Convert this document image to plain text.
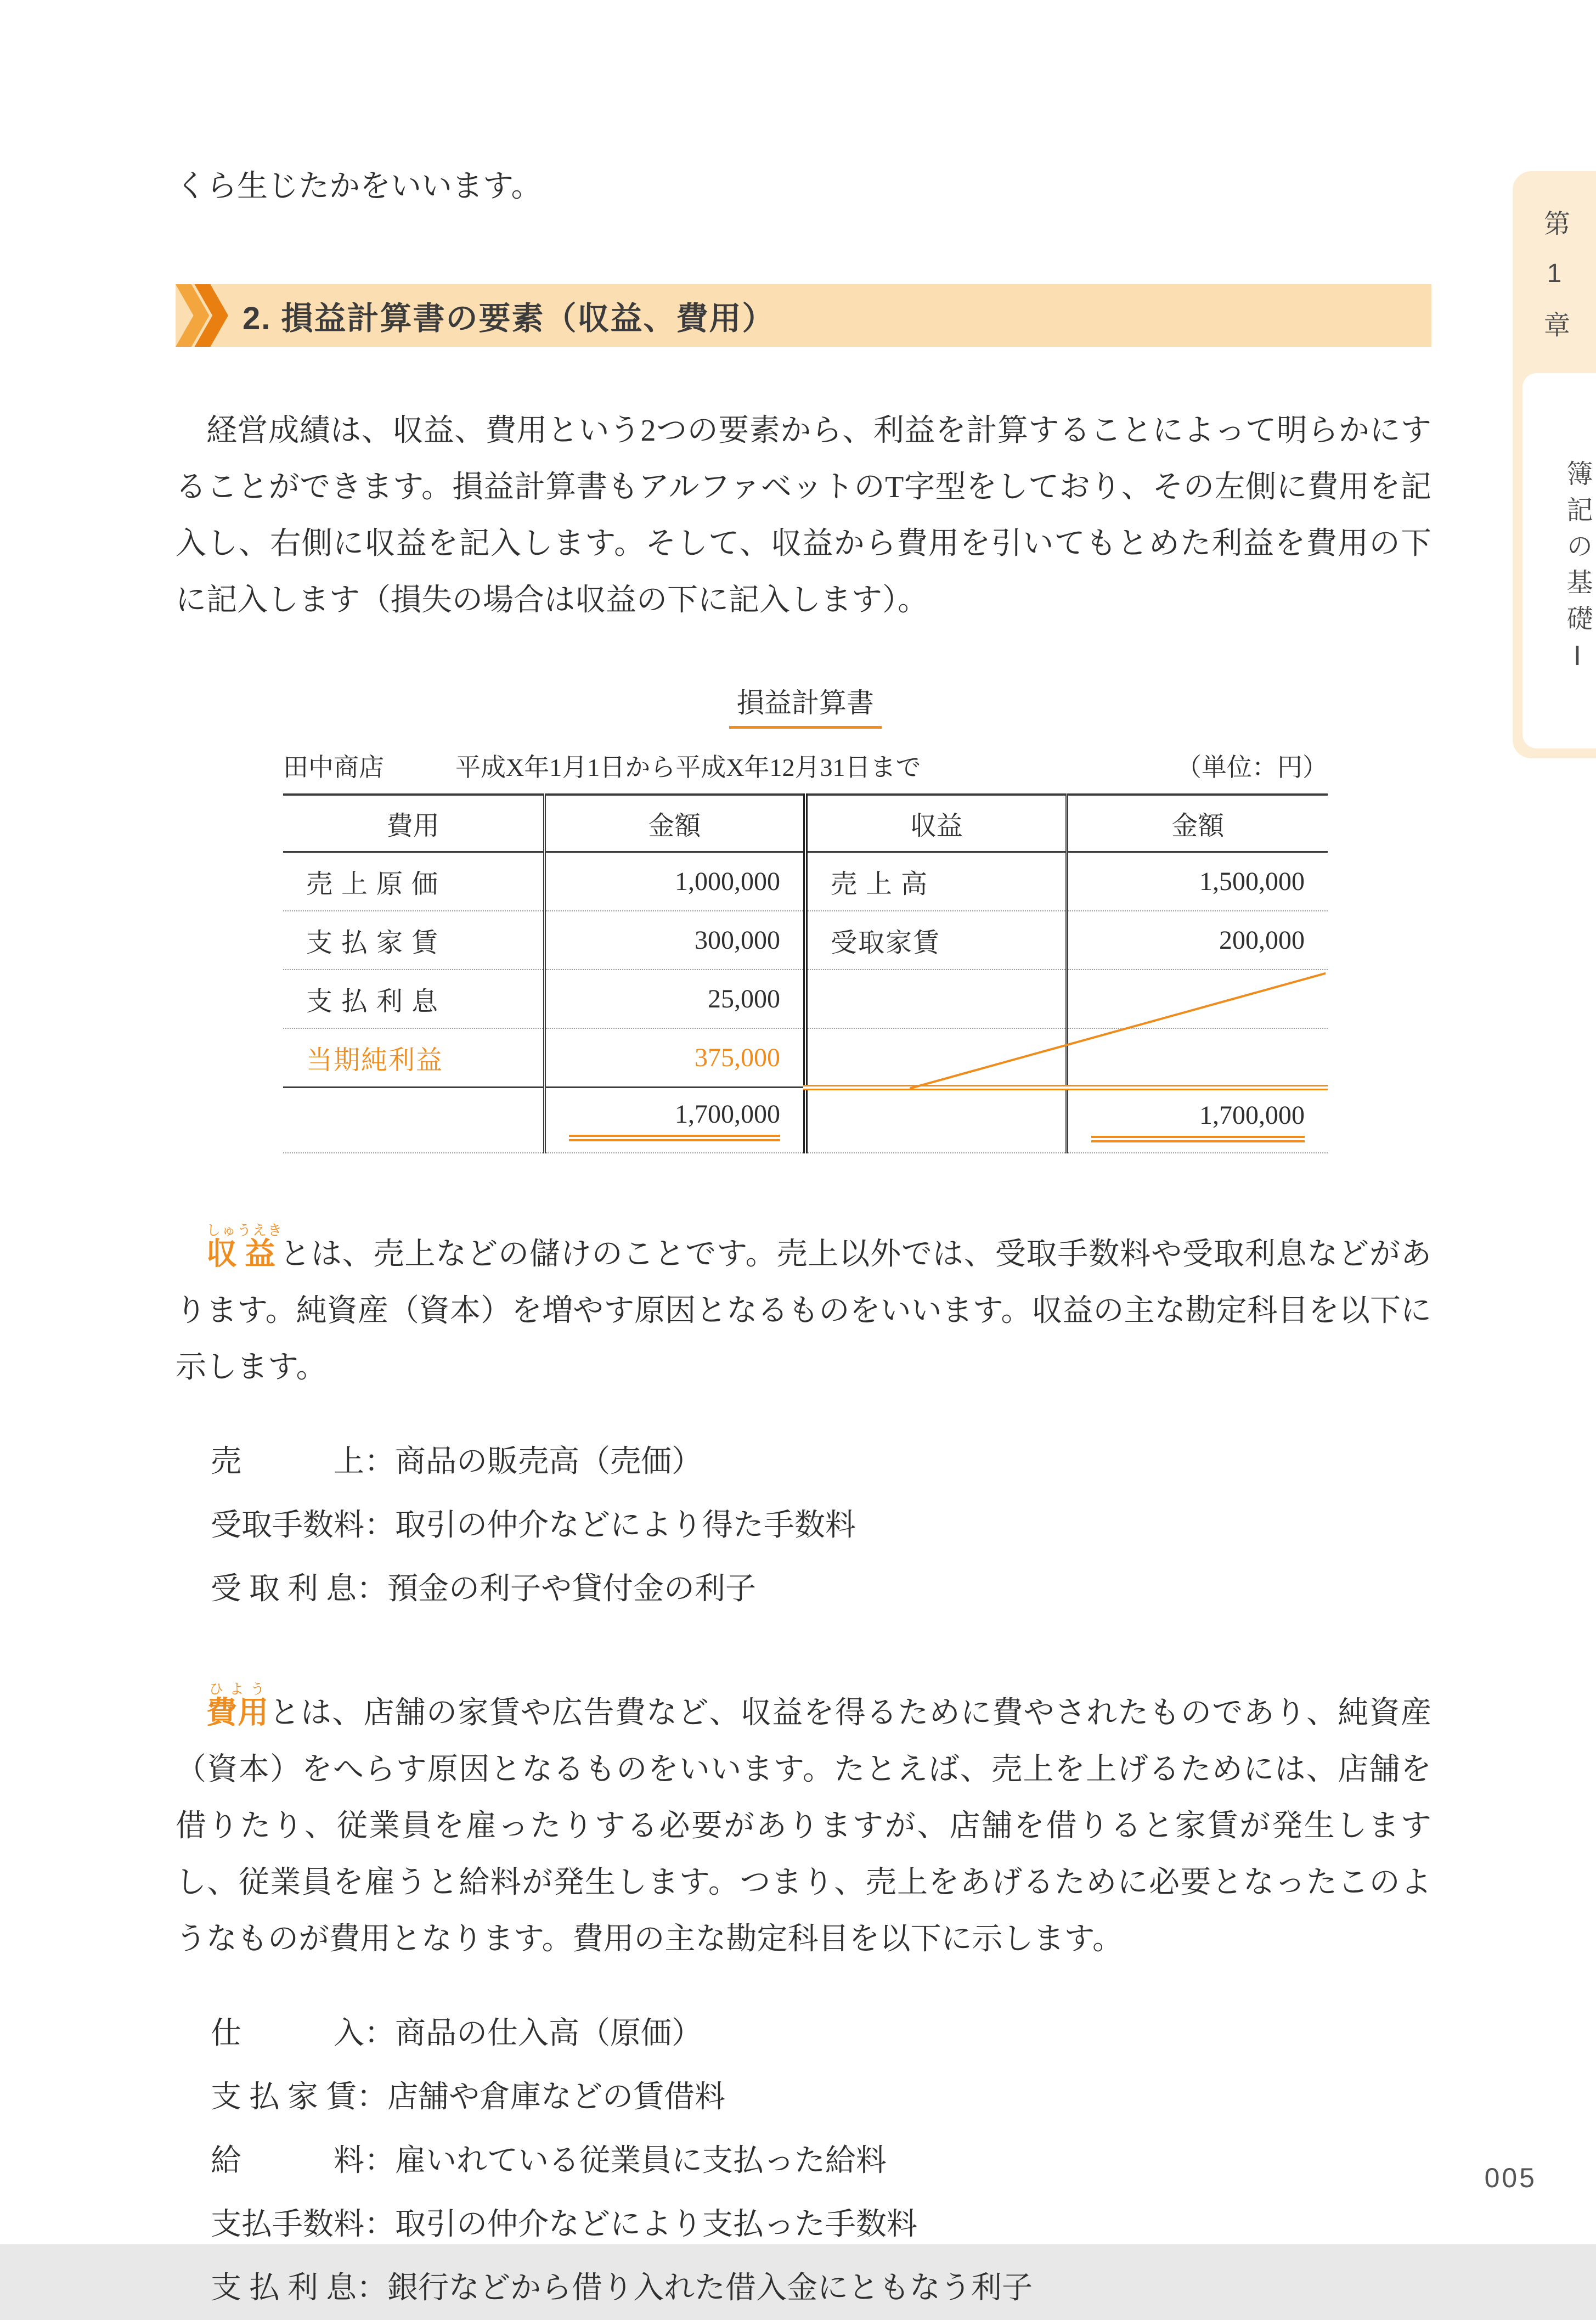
くら生じたかをいいます。

2. 損益計算書の要素（収益、費用）

経営成績は、収益、費用という2つの要素から、利益を計算することによって明らかにすることができます。損益計算書もアルファベットのT字型をしており、その左側に費用を記入し、右側に収益を記入します。そして、収益から費用を引いてもとめた利益を費用の下に記入します（損失の場合は収益の下に記入します）。

損益計算書
田中商店	平成X年1月1日から平成X年12月31日まで	（単位：円）
費用	金額	収益	金額
売 上 原 価	1,000,000	売 上 高	1,500,000
支 払 家 賃	300,000	受取家賃	200,000
支 払 利 息	25,000		
当期純利益	375,000		
	1,700,000		1,700,000

収益しゅうえきとは、売上などの儲けのことです。売上以外では、受取手数料や受取利息などがあります。純資産（資本）を増やす原因となるものをいいます。収益の主な勘定科目を以下に示します。

売　　　上：商品の販売高（売価）
受取手数料：取引の仲介などにより得た手数料
受 取 利 息：預金の利子や貸付金の利子

費用ひようとは、店舗の家賃や広告費など、収益を得るために費やされたものであり、純資産（資本）をへらす原因となるものをいいます。たとえば、売上を上げるためには、店舗を借りたり、従業員を雇ったりする必要がありますが、店舗を借りると家賃が発生しますし、従業員を雇うと給料が発生します。つまり、売上をあげるために必要となったこのようなものが費用となります。費用の主な勘定科目を以下に示します。

仕　　　入：商品の仕入高（原価）
支 払 家 賃：店舗や倉庫などの賃借料
給　　　料：雇いれている従業員に支払った給料
支払手数料：取引の仲介などにより支払った手数料
支 払 利 息：銀行などから借り入れた借入金にともなう利子
第1章
簿記の基礎Ⅰ
005
